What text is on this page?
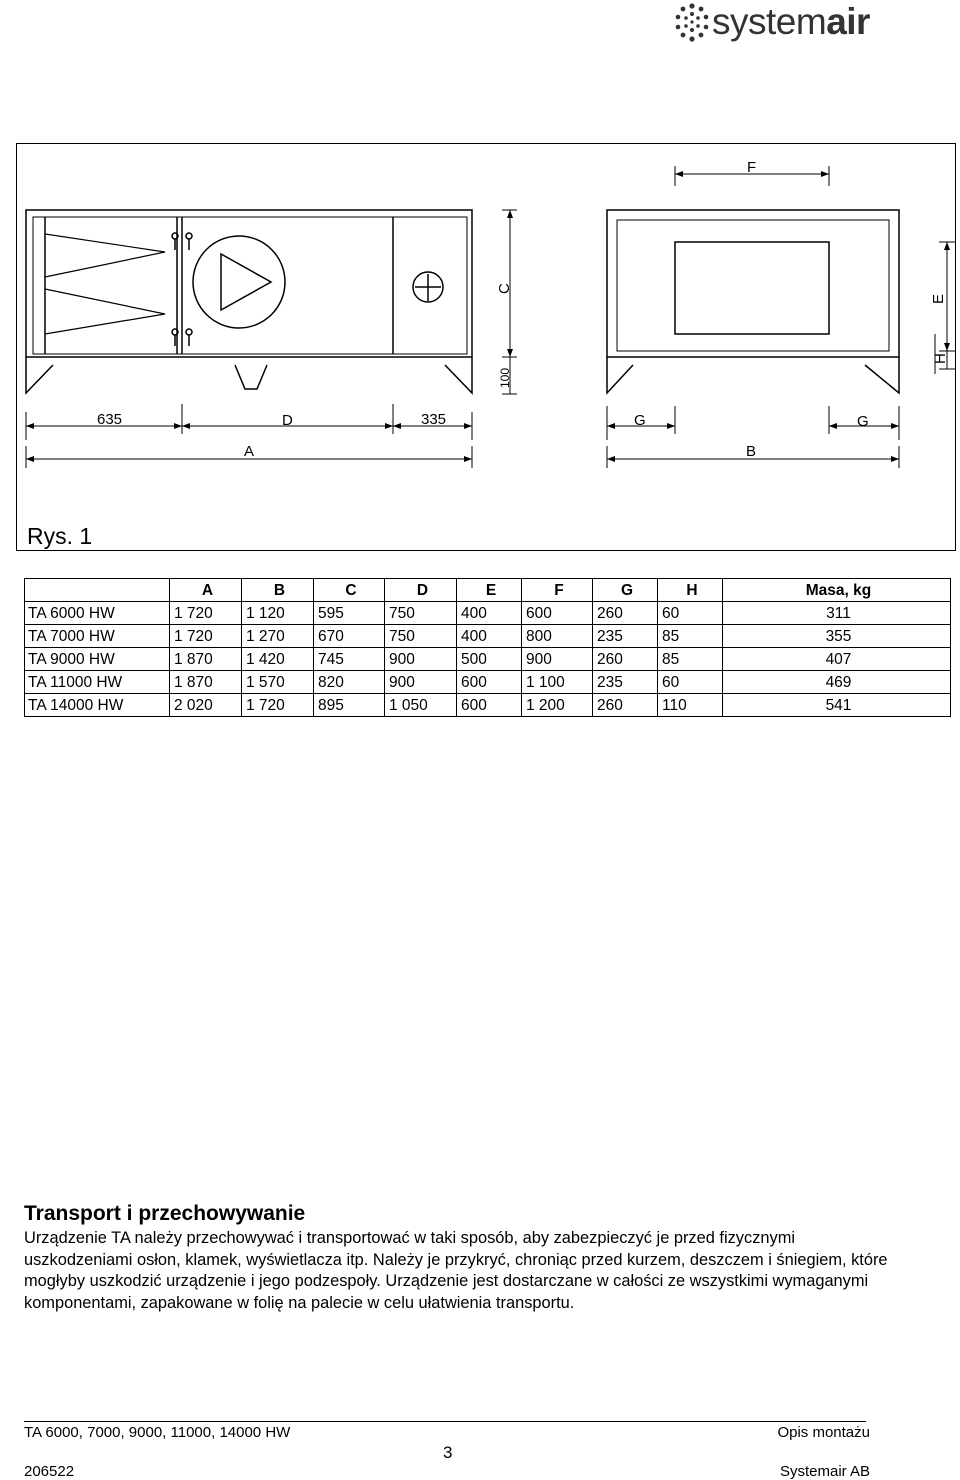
systemair
F
635	D	335
A
G	G
B
C
E
H
100
Rys. 1
	A	B	C	D	E	F	G	H	Masa, kg
TA 6000 HW	1 720	1 120	595	750	400	600	260	60	311
TA 7000 HW	1 720	1 270	670	750	400	800	235	85	355
TA 9000 HW	1 870	1 420	745	900	500	900	260	85	407
TA 11000 HW	1 870	1 570	820	900	600	1 100	235	60	469
TA 14000 HW	2 020	1 720	895	1 050	600	1 200	260	110	541
Transport i przechowywanie
Urządzenie TA należy przechowywać i transportować w taki sposób, aby zabezpieczyć je przed fizycznymi uszkodzeniami osłon, klamek, wyświetlacza itp. Należy je przykryć, chroniąc przed kurzem, deszczem i śniegiem, które mogłyby uszkodzić urządzenie i jego podzespoły. Urządzenie jest dostarczane w całości ze wszystkimi wymaganymi komponentami, zapakowane w folię na palecie w celu ułatwienia transportu.
TA 6000, 7000, 9000, 11000, 14000 HW	Opis montażu
3
206522	Systemair AB
